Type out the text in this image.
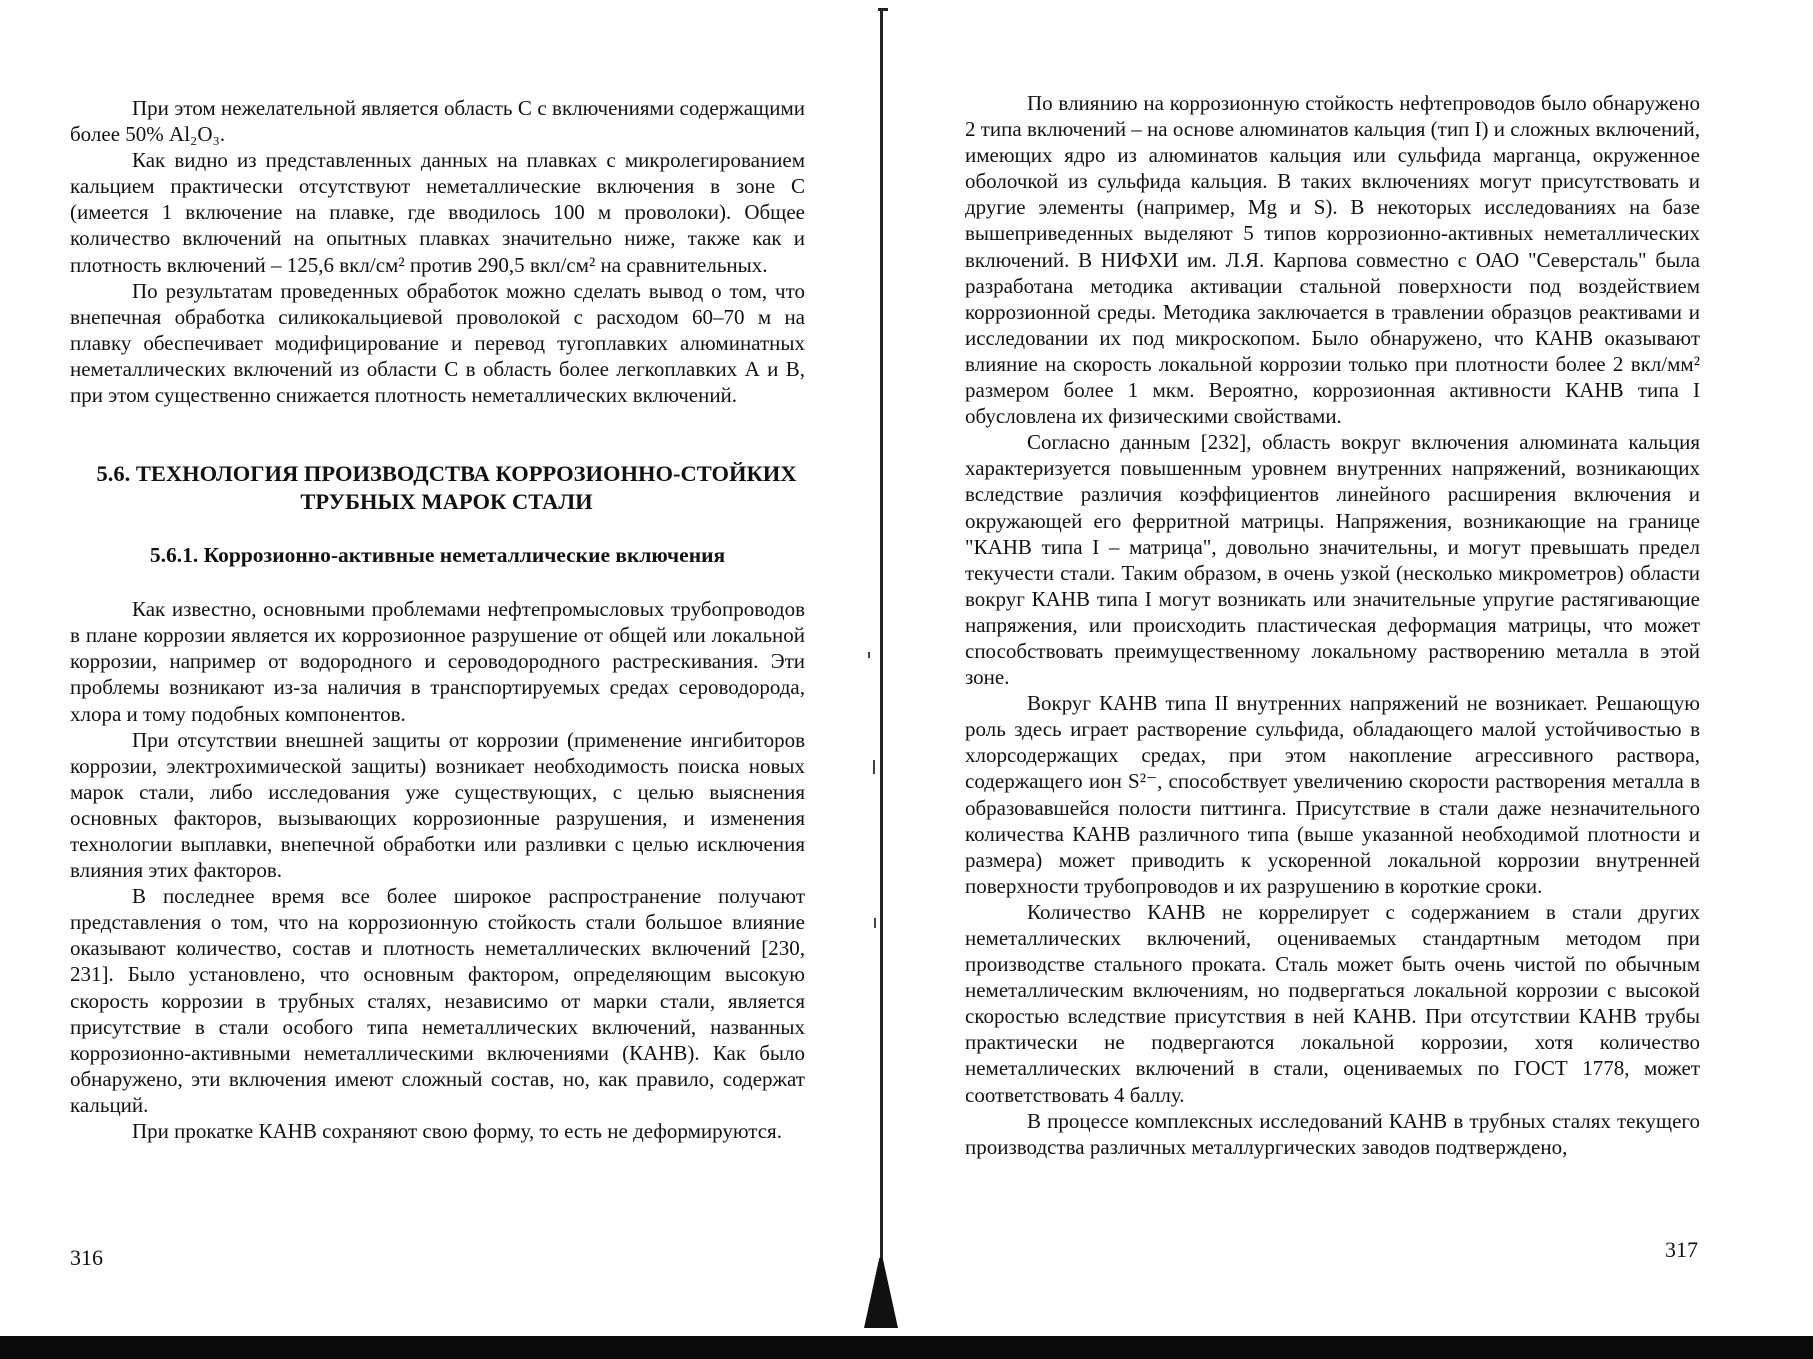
При этом нежелательной является область С с включениями содержащими более 50% Al₂O₃.

Как видно из представленных данных на плавках с микролегированием кальцием практически отсутствуют неметаллические включения в зоне С (имеется 1 включение на плавке, где вводилось 100 м проволоки). Общее количество включений на опытных плавках значительно ниже, также как и плотность включений – 125,6 вкл/см² против 290,5 вкл/см² на сравнительных.

По результатам проведенных обработок можно сделать вывод о том, что внепечная обработка силикокальциевой проволокой с расходом 60–70 м на плавку обеспечивает модифицирование и перевод тугоплавких алюминатных неметаллических включений из области С в область более легкоплавких А и В, при этом существенно снижается плотность неметаллических включений.

5.6. ТЕХНОЛОГИЯ ПРОИЗВОДСТВА КОРРОЗИОННО-СТОЙКИХ ТРУБНЫХ МАРОК СТАЛИ
5.6.1. Коррозионно-активные неметаллические включения

Как известно, основными проблемами нефтепромысловых трубопроводов в плане коррозии является их коррозионное разрушение от общей или локальной коррозии, например от водородного и сероводородного растрескивания. Эти проблемы возникают из-за наличия в транспортируемых средах сероводорода, хлора и тому подобных компонентов.

При отсутствии внешней защиты от коррозии (применение ингибиторов коррозии, электрохимической защиты) возникает необходимость поиска новых марок стали, либо исследования уже существующих, с целью выяснения основных факторов, вызывающих коррозионные разрушения, и изменения технологии выплавки, внепечной обработки или разливки с целью исключения влияния этих факторов.

В последнее время все более широкое распространение получают представления о том, что на коррозионную стойкость стали большое влияние оказывают количество, состав и плотность неметаллических включений [230, 231]. Было установлено, что основным фактором, определяющим высокую скорость коррозии в трубных сталях, независимо от марки стали, является присутствие в стали особого типа неметаллических включений, названных коррозионно-активными неметаллическими включениями (КАНВ). Как было обнаружено, эти включения имеют сложный состав, но, как правило, содержат кальций.

При прокатке КАНВ сохраняют свою форму, то есть не деформируются.

316

По влиянию на коррозионную стойкость нефтепроводов было обнаружено 2 типа включений – на основе алюминатов кальция (тип I) и сложных включений, имеющих ядро из алюминатов кальция или сульфида марганца, окруженное оболочкой из сульфида кальция. В таких включениях могут присутствовать и другие элементы (например, Mg и S). В некоторых исследованиях на базе вышеприведенных выделяют 5 типов коррозионно-активных неметаллических включений. В НИФХИ им. Л.Я. Карпова совместно с ОАО "Северсталь" была разработана методика активации стальной поверхности под воздействием коррозионной среды. Методика заключается в травлении образцов реактивами и исследовании их под микроскопом. Было обнаружено, что КАНВ оказывают влияние на скорость локальной коррозии только при плотности более 2 вкл/мм² размером более 1 мкм. Вероятно, коррозионная активности КАНВ типа I обусловлена их физическими свойствами.

Согласно данным [232], область вокруг включения алюмината кальция характеризуется повышенным уровнем внутренних напряжений, возникающих вследствие различия коэффициентов линейного расширения включения и окружающей его ферритной матрицы. Напряжения, возникающие на границе "КАНВ типа I – матрица", довольно значительны, и могут превышать предел текучести стали. Таким образом, в очень узкой (несколько микрометров) области вокруг КАНВ типа I могут возникать или значительные упругие растягивающие напряжения, или происходить пластическая деформация матрицы, что может способствовать преимущественному локальному растворению металла в этой зоне.

Вокруг КАНВ типа II внутренних напряжений не возникает. Решающую роль здесь играет растворение сульфида, обладающего малой устойчивостью в хлорсодержащих средах, при этом накопление агрессивного раствора, содержащего ион S²⁻, способствует увеличению скорости растворения металла в образовавшейся полости питтинга. Присутствие в стали даже незначительного количества КАНВ различного типа (выше указанной необходимой плотности и размера) может приводить к ускоренной локальной коррозии внутренней поверхности трубопроводов и их разрушению в короткие сроки.

Количество КАНВ не коррелирует с содержанием в стали других неметаллических включений, оцениваемых стандартным методом при производстве стального проката. Сталь может быть очень чистой по обычным неметаллическим включениям, но подвергаться локальной коррозии с высокой скоростью вследствие присутствия в ней КАНВ. При отсутствии КАНВ трубы практически не подвергаются локальной коррозии, хотя количество неметаллических включений в стали, оцениваемых по ГОСТ 1778, может соответствовать 4 баллу.

В процессе комплексных исследований КАНВ в трубных сталях текущего производства различных металлургических заводов подтверждено,

317
